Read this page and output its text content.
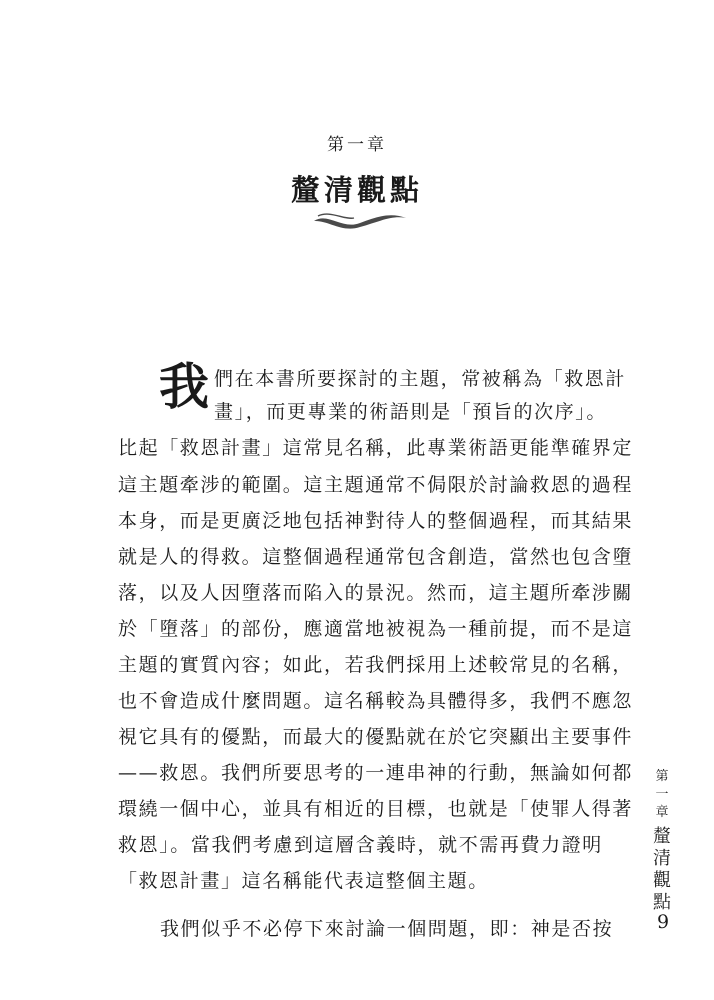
第一章
釐清觀點
我 們在本書所要探討的主題，常被稱為「救恩計
畫」，而更專業的術語則是「預旨的次序」。
比起「救恩計畫」這常見名稱，此專業術語更能準確界定
這主題牽涉的範圍。這主題通常不侷限於討論救恩的過程
本身，而是更廣泛地包括神對待人的整個過程，而其結果
就是人的得救。這整個過程通常包含創造，當然也包含墮
落，以及人因墮落而陷入的景況。然而，這主題所牽涉關
於「墮落」的部份，應適當地被視為一種前提，而不是這
主題的實質內容；如此，若我們採用上述較常見的名稱，
也不會造成什麼問題。這名稱較為具體得多，我們不應忽
視它具有的優點，而最大的優點就在於它突顯出主要事件
——救恩。我們所要思考的一連串神的行動，無論如何都
環繞一個中心，並具有相近的目標，也就是「使罪人得著
救恩」。當我們考慮到這層含義時，就不需再費力證明
「救恩計畫」這名稱能代表這整個主題。
我們似乎不必停下來討論一個問題，即：神是否按
第一章
釐清觀點
9
